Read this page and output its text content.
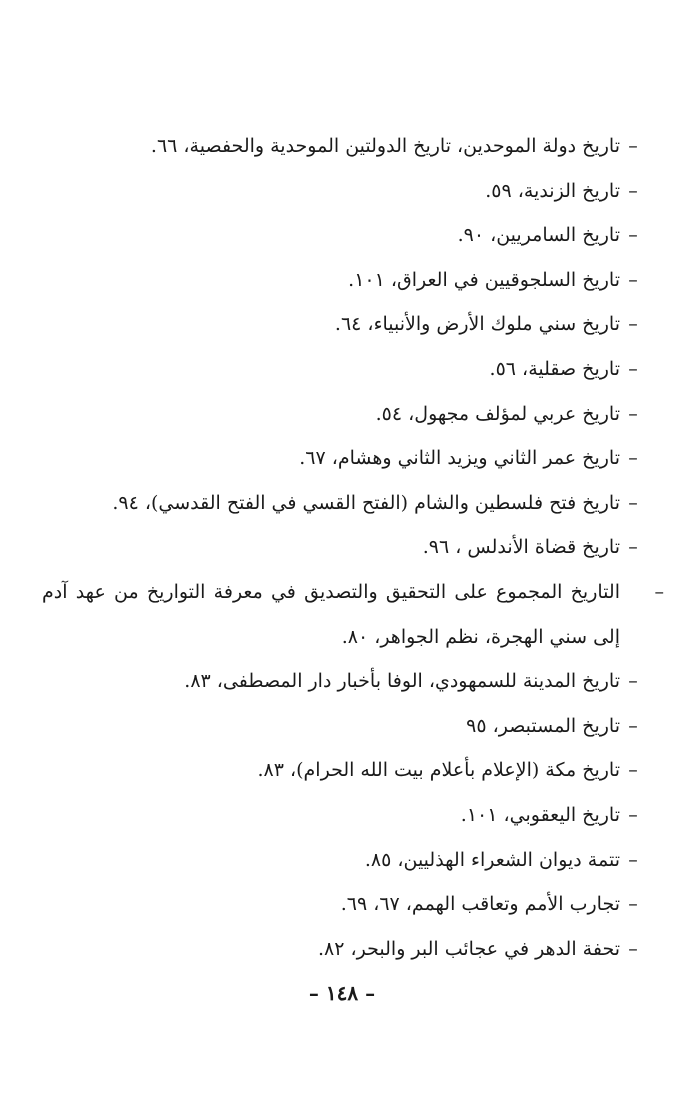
–تاريخ دولة الموحدين، تاريخ الدولتين الموحدية والحفصية، ٦٦.
–تاريخ الزندية، ٥٩.
–تاريخ السامريين، ٩٠.
–تاريخ السلجوقيين في العراق، ١٠١.
–تاريخ سني ملوك الأرض والأنبياء، ٦٤.
–تاريخ صقلية، ٥٦.
–تاريخ عربي لمؤلف مجهول، ٥٤.
–تاريخ عمر الثاني ويزيد الثاني وهشام، ٦٧.
–تاريخ فتح فلسطين والشام (الفتح القسي في الفتح القدسي)، ٩٤.
–تاريخ قضاة الأندلس ، ٩٦.
–التاريخ المجموع على التحقيق والتصديق في معرفة التواريخ من عهد آدم إلى سني الهجرة، نظم الجواهر، ٨٠.
–تاريخ المدينة للسمهودي، الوفا بأخبار دار المصطفى، ٨٣.
–تاريخ المستبصر، ٩٥
–تاريخ مكة (الإعلام بأعلام بيت الله الحرام)، ٨٣.
–تاريخ اليعقوبي، ١٠١.
–تتمة ديوان الشعراء الهذليين، ٨٥.
–تجارب الأمم وتعاقب الهمم، ٦٧، ٦٩.
–تحفة الدهر في عجائب البر والبحر، ٨٢.
– ١٤٨ –
